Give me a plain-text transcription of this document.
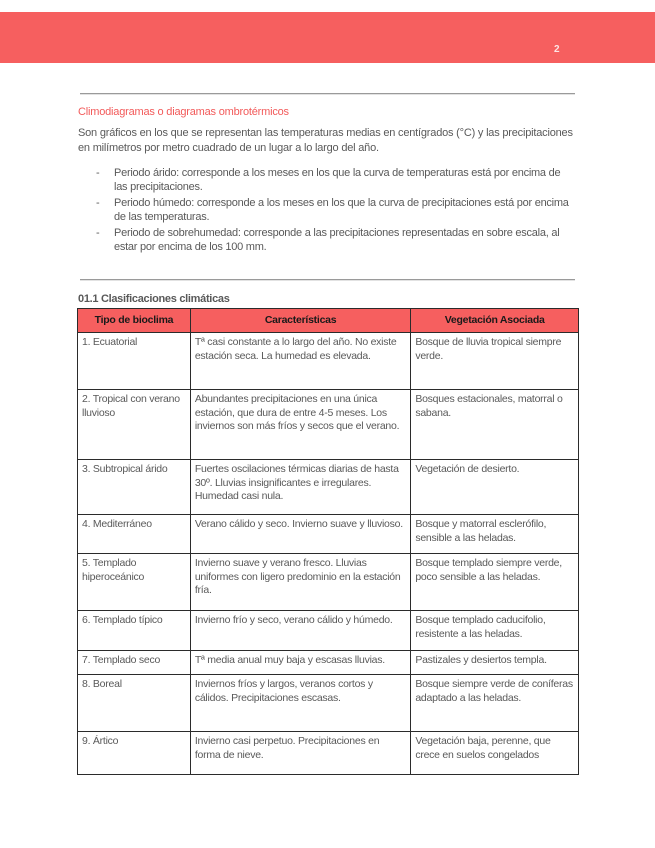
2
Climodiagramas o diagramas ombrotérmicos

Son gráficos en los que se representan las temperaturas medias en centígrados (°C) y las precipitaciones en milímetros por metro cuadrado de un lugar a lo largo del año.

- Periodo árido: corresponde a los meses en los que la curva de temperaturas está por encima de las precipitaciones.
- Periodo húmedo: corresponde a los meses en los que la curva de precipitaciones está por encima de las temperaturas.
- Periodo de sobrehumedad: corresponde a las precipitaciones representadas en sobre escala, al estar por encima de los 100 mm.
01.1 Clasificaciones climáticas
Tipo de bioclima	Características	Vegetación Asociada
1. Ecuatorial	Tª casi constante a lo largo del año. No existe estación seca. La humedad es elevada.	Bosque de lluvia tropical siempre verde.
2. Tropical con verano lluvioso	Abundantes precipitaciones en una única estación, que dura de entre 4-5 meses. Los inviernos son más fríos y secos que el verano.	Bosques estacionales, matorral o sabana.
3. Subtropical árido	Fuertes oscilaciones térmicas diarias de hasta 30º. Lluvias insignificantes e irregulares. Humedad casi nula.	Vegetación de desierto.
4. Mediterráneo	Verano cálido y seco. Invierno suave y lluvioso.	Bosque y matorral esclerófilo, sensible a las heladas.
5. Templado hiperoceánico	Invierno suave y verano fresco. Lluvias uniformes con ligero predominio en la estación fría.	Bosque templado siempre verde, poco sensible a las heladas.
6. Templado típico	Invierno frío y seco, verano cálido y húmedo.	Bosque templado caducifolio, resistente a las heladas.
7. Templado seco	Tª media anual muy baja y escasas lluvias.	Pastizales y desiertos templa.
8. Boreal	Inviernos fríos y largos, veranos cortos y cálidos. Precipitaciones escasas.	Bosque siempre verde de coníferas adaptado a las heladas.
9. Ártico	Invierno casi perpetuo. Precipitaciones en forma de nieve.	Vegetación baja, perenne, que crece en suelos congelados
